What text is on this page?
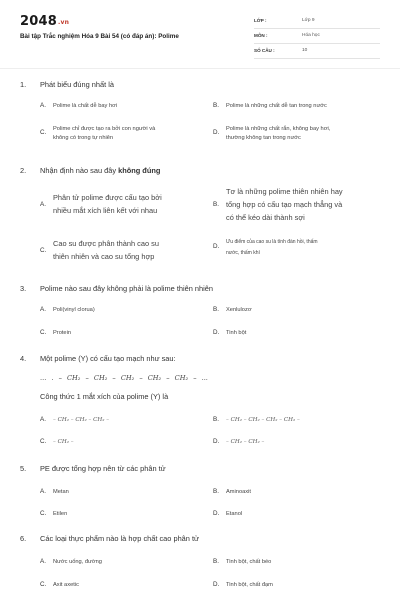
2048.vn
Bài tập Trắc nghiệm Hóa 9 Bài 54 (có đáp án): Polime
LỚP :	Lớp 9
MÔN :	Hóa học
SỐ CÂU :	10
1. Phát biểu đúng nhất là
A. Polime là chất dễ bay hơi	B. Polime là những chất dễ tan trong nước
C. Polime chỉ được tạo ra bởi con người và
không có trong tự nhiên
D. Polime là những chất rắn, không bay hơi,
thường không tan trong nước
2. Nhận định nào sau đây không đúng
A.
Phân tử polime được cấu tạo bởi
nhiều mắt xích liên kết với nhau
B.
Tơ là những polime thiên nhiên hay
tổng hợp có cấu tạo mạch thẳng và
có thể kéo dài thành sợi
C.
Cao su được phân thành cao su
thiên nhiên và cao su tổng hợp
D.
Ưu điểm của cao su là tính đàn hồi, thấm
nước, thấm khí
3. Polime nào sau đây không phải là polime thiên nhiên
A. Poli(vinyl clorua)	B. Xenlulozơ
C. Protein	D. Tinh bột
4. Một polime (Y) có cấu tạo mạch như sau:
... . – CH₂ – CH₂ – CH₂ – CH₂ – CH₂ – ...
Công thức 1 mắt xích của polime (Y) là
A. – CH₂ – CH₂ – CH₂ –	B. – CH₂ – CH₂ – CH₂ – CH₂ –
C. – CH₂ –	D. – CH₂ – CH₂ –
5. PE được tổng hợp nên từ các phân tử
A. Metan	B. Aminoaxit
C. Etilen	D. Etanol
6. Các loại thực phẩm nào là hợp chất cao phân tử
A. Nước uống, đường	B. Tinh bột, chất béo
C. Axit axetic	D. Tinh bột, chất đạm
